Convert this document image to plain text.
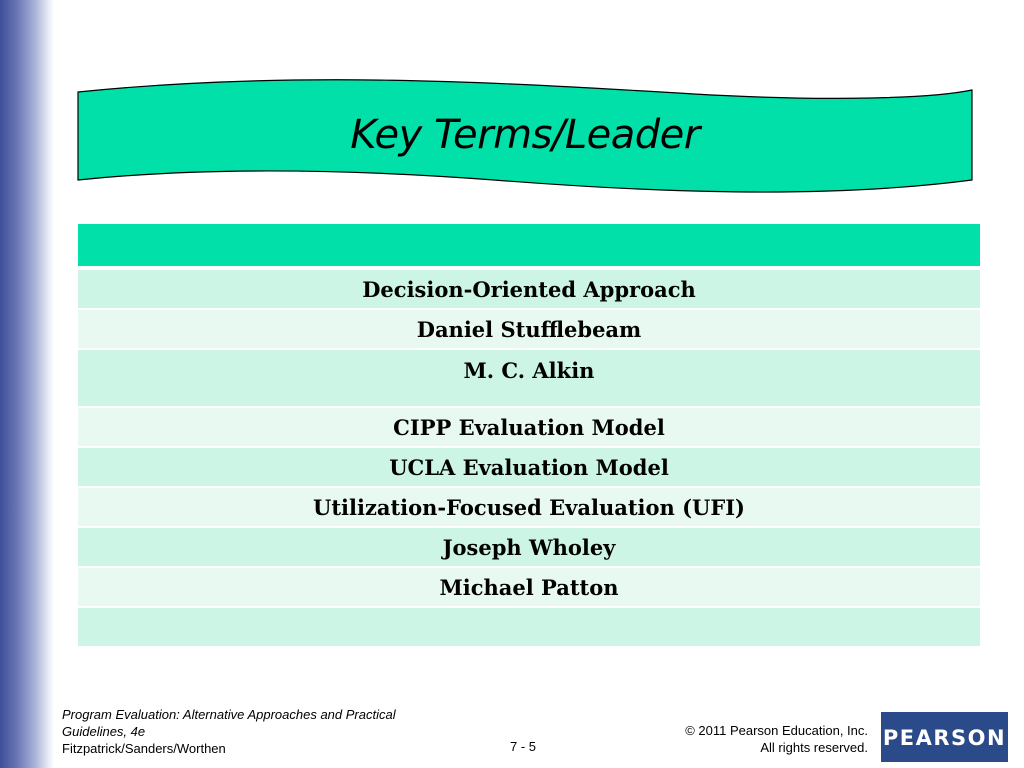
Key Terms/Leader

Decision-Oriented Approach
Daniel Stufflebeam
M. C. Alkin
CIPP Evaluation Model
UCLA Evaluation Model
Utilization-Focused Evaluation (UFI)
Joseph Wholey
Michael Patton

Program Evaluation: Alternative Approaches and Practical Guidelines, 4e
Fitzpatrick/Sanders/Worthen	7 - 5
© 2011 Pearson Education, Inc.
All rights reserved. PEARSON
